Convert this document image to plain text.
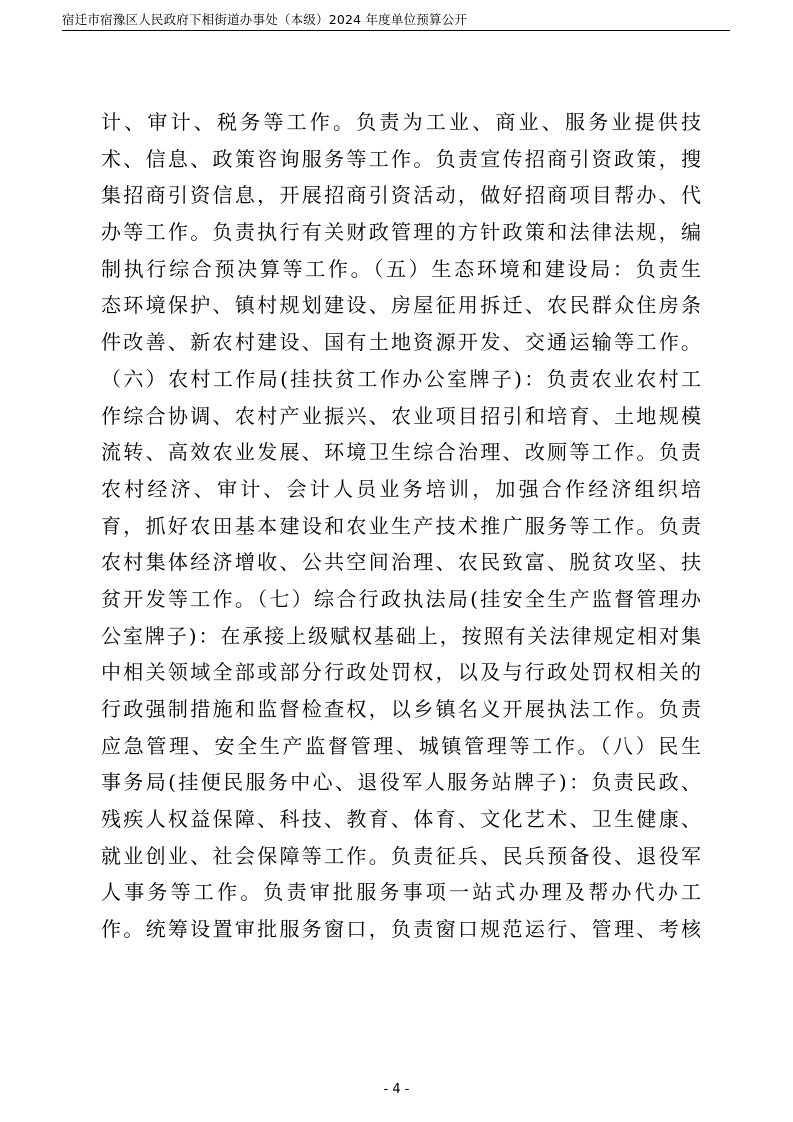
宿迁市宿豫区人民政府下相街道办事处（本级）2024 年度单位预算公开
计、审计、税务等工作。负责为工业、商业、服务业提供技
术、信息、政策咨询服务等工作。负责宣传招商引资政策，搜
集招商引资信息，开展招商引资活动，做好招商项目帮办、代
办等工作。负责执行有关财政管理的方针政策和法律法规，编
制执行综合预决算等工作。（五）生态环境和建设局：负责生
态环境保护、镇村规划建设、房屋征用拆迁、农民群众住房条
件改善、新农村建设、国有土地资源开发、交通运输等工作。
（六）农村工作局(挂扶贫工作办公室牌子)：负责农业农村工
作综合协调、农村产业振兴、农业项目招引和培育、土地规模
流转、高效农业发展、环境卫生综合治理、改厕等工作。负责
农村经济、审计、会计人员业务培训，加强合作经济组织培
育，抓好农田基本建设和农业生产技术推广服务等工作。负责
农村集体经济增收、公共空间治理、农民致富、脱贫攻坚、扶
贫开发等工作。（七）综合行政执法局(挂安全生产监督管理办
公室牌子)：在承接上级赋权基础上，按照有关法律规定相对集
中相关领域全部或部分行政处罚权，以及与行政处罚权相关的
行政强制措施和监督检查权，以乡镇名义开展执法工作。负责
应急管理、安全生产监督管理、城镇管理等工作。（八）民生
事务局(挂便民服务中心、退役军人服务站牌子)：负责民政、
残疾人权益保障、科技、教育、体育、文化艺术、卫生健康、
就业创业、社会保障等工作。负责征兵、民兵预备役、退役军
人事务等工作。负责审批服务事项一站式办理及帮办代办工
作。统筹设置审批服务窗口，负责窗口规范运行、管理、考核
- 4 -
